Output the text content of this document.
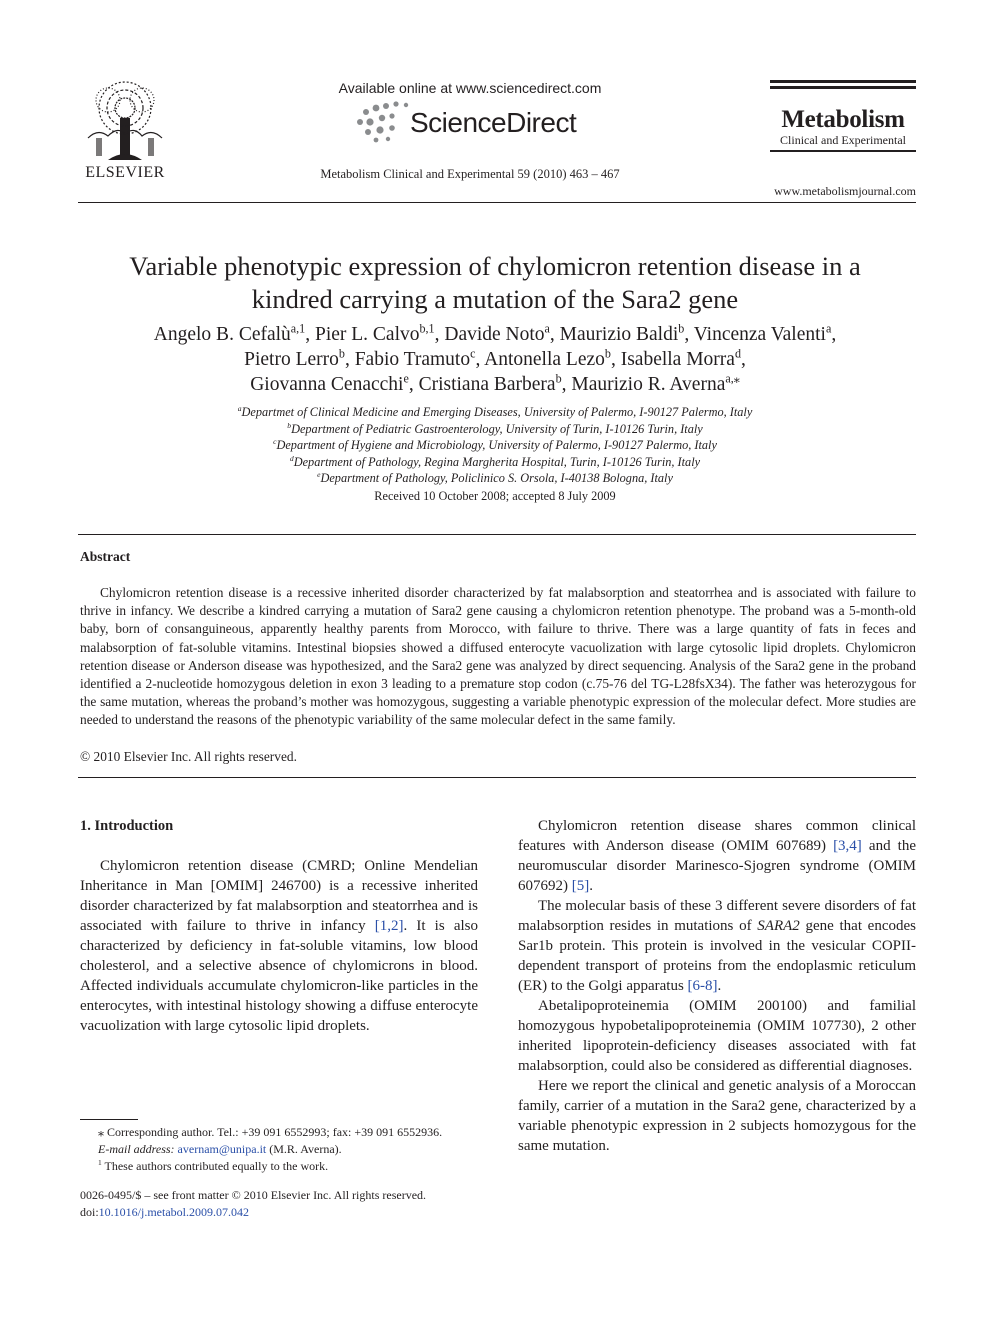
ELSEVIER
Available online at www.sciencedirect.com
ScienceDirect
Metabolism Clinical and Experimental 59 (2010) 463 – 467
Metabolism
Clinical and Experimental
www.metabolismjournal.com
Variable phenotypic expression of chylomicron retention disease in a
kindred carrying a mutation of the Sara2 gene
Angelo B. Cefalù$^{a,1}$, Pier L. Calvo$^{b,1}$, Davide Noto$^a$, Maurizio Baldi$^b$, Vincenza Valenti$^a$,
Pietro Lerro$^b$, Fabio Tramuto$^c$, Antonella Lezo$^b$, Isabella Morra$^d$,
Giovanna Cenacchi$^e$, Cristiana Barbera$^b$, Maurizio R. Averna$^{a,⁎}$
$^a$Departmet of Clinical Medicine and Emerging Diseases, University of Palermo, I-90127 Palermo, Italy
$^b$Department of Pediatric Gastroenterology, University of Turin, I-10126 Turin, Italy
$^c$Department of Hygiene and Microbiology, University of Palermo, I-90127 Palermo, Italy
$^d$Department of Pathology, Regina Margherita Hospital, Turin, I-10126 Turin, Italy
$^e$Department of Pathology, Policlinico S. Orsola, I-40138 Bologna, Italy
Received 10 October 2008; accepted 8 July 2009
Abstract
Chylomicron retention disease is a recessive inherited disorder characterized by fat malabsorption and steatorrhea and is associated with failure to thrive in infancy. We describe a kindred carrying a mutation of Sara2 gene causing a chylomicron retention phenotype. The proband was a 5-month-old baby, born of consanguineous, apparently healthy parents from Morocco, with failure to thrive. There was a large quantity of fats in feces and malabsorption of fat-soluble vitamins. Intestinal biopsies showed a diffused enterocyte vacuolization with large cytosolic lipid droplets. Chylomicron retention disease or Anderson disease was hypothesized, and the Sara2 gene was analyzed by direct sequencing. Analysis of the Sara2 gene in the proband identified a 2-nucleotide homozygous deletion in exon 3 leading to a premature stop codon (c.75-76 del TG-L28fsX34). The father was heterozygous for the same mutation, whereas the proband’s mother was homozygous, suggesting a variable phenotypic expression of the molecular defect. More studies are needed to understand the reasons of the phenotypic variability of the same molecular defect in the same family.
© 2010 Elsevier Inc. All rights reserved.
1. Introduction

Chylomicron retention disease (CMRD; Online Mendelian Inheritance in Man [OMIM] 246700) is a recessive inherited disorder characterized by fat malabsorption and steatorrhea and is associated with failure to thrive in infancy [1,2]. It is also characterized by deficiency in fat-soluble vitamins, low blood cholesterol, and a selective absence of chylomicrons in blood. Affected individuals accumulate chylomicron-like particles in the enterocytes, with intestinal histology showing a diffuse enterocyte vacuolization with large cytosolic lipid droplets.

Chylomicron retention disease shares common clinical features with Anderson disease (OMIM 607689) [3,4] and the neuromuscular disorder Marinesco-Sjogren syndrome (OMIM 607692) [5].

The molecular basis of these 3 different severe disorders of fat malabsorption resides in mutations of SARA2 gene that encodes Sar1b protein. This protein is involved in the vesicular COPII-dependent transport of proteins from the endoplasmic reticulum (ER) to the Golgi apparatus [6-8].

Abetalipoproteinemia (OMIM 200100) and familial homozygous hypobetalipoproteinemia (OMIM 107730), 2 other inherited lipoprotein-deficiency diseases associated with fat malabsorption, could also be considered as differential diagnoses.

Here we report the clinical and genetic analysis of a Moroccan family, carrier of a mutation in the Sara2 gene, characterized by a variable phenotypic expression in 2 subjects homozygous for the same mutation.

⁎ Corresponding author. Tel.: +39 091 6552993; fax: +39 091 6552936.
E-mail address: avernam@unipa.it (M.R. Averna).
$^1$ These authors contributed equally to the work.
0026-0495/$ – see front matter © 2010 Elsevier Inc. All rights reserved.
doi:10.1016/j.metabol.2009.07.042
